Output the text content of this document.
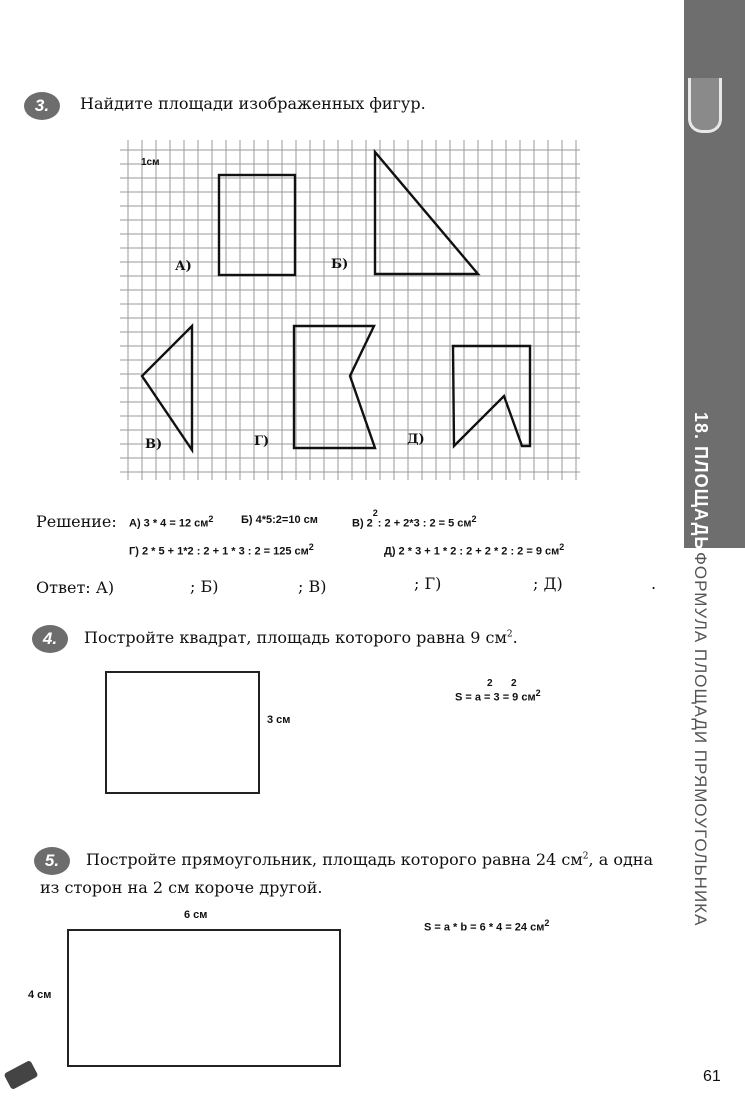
18. ПЛОЩАДЬ.
ФОРМУЛА ПЛОЩАДИ ПРЯМОУГОЛЬНИКА
3.	Найдите площади изображенных фигур.
1см
А)	Б)
В)	Г)	Д)
Решение: А) 3 * 4 = 12 $см^2$	Б) 4*5:2=10 см	В) $2^2$: 2 + 2*3 : 2 = 5 $см^2$
Г) 2 * 5 + 1*2 : 2 + 1 * 3 : 2 = 125 $см^2$	Д) 2 * 3 + 1 * 2 : 2 + 2 * 2 : 2 = 9 $см^2$
Ответ: А)	; Б)	; В)	; Г)	; Д)	.
4.	Постройте квадрат, площадь которого равна 9 $см^2$.
3 см
S = a = 3 = 9 $см^2$
2 2
5.	Постройте прямоугольник, площадь которого равна 24 $см^2$, а одна
из сторон на 2 см короче другой.
6 см
S = a * b = 6 * 4 = 24 $см^2$
4 см
61
